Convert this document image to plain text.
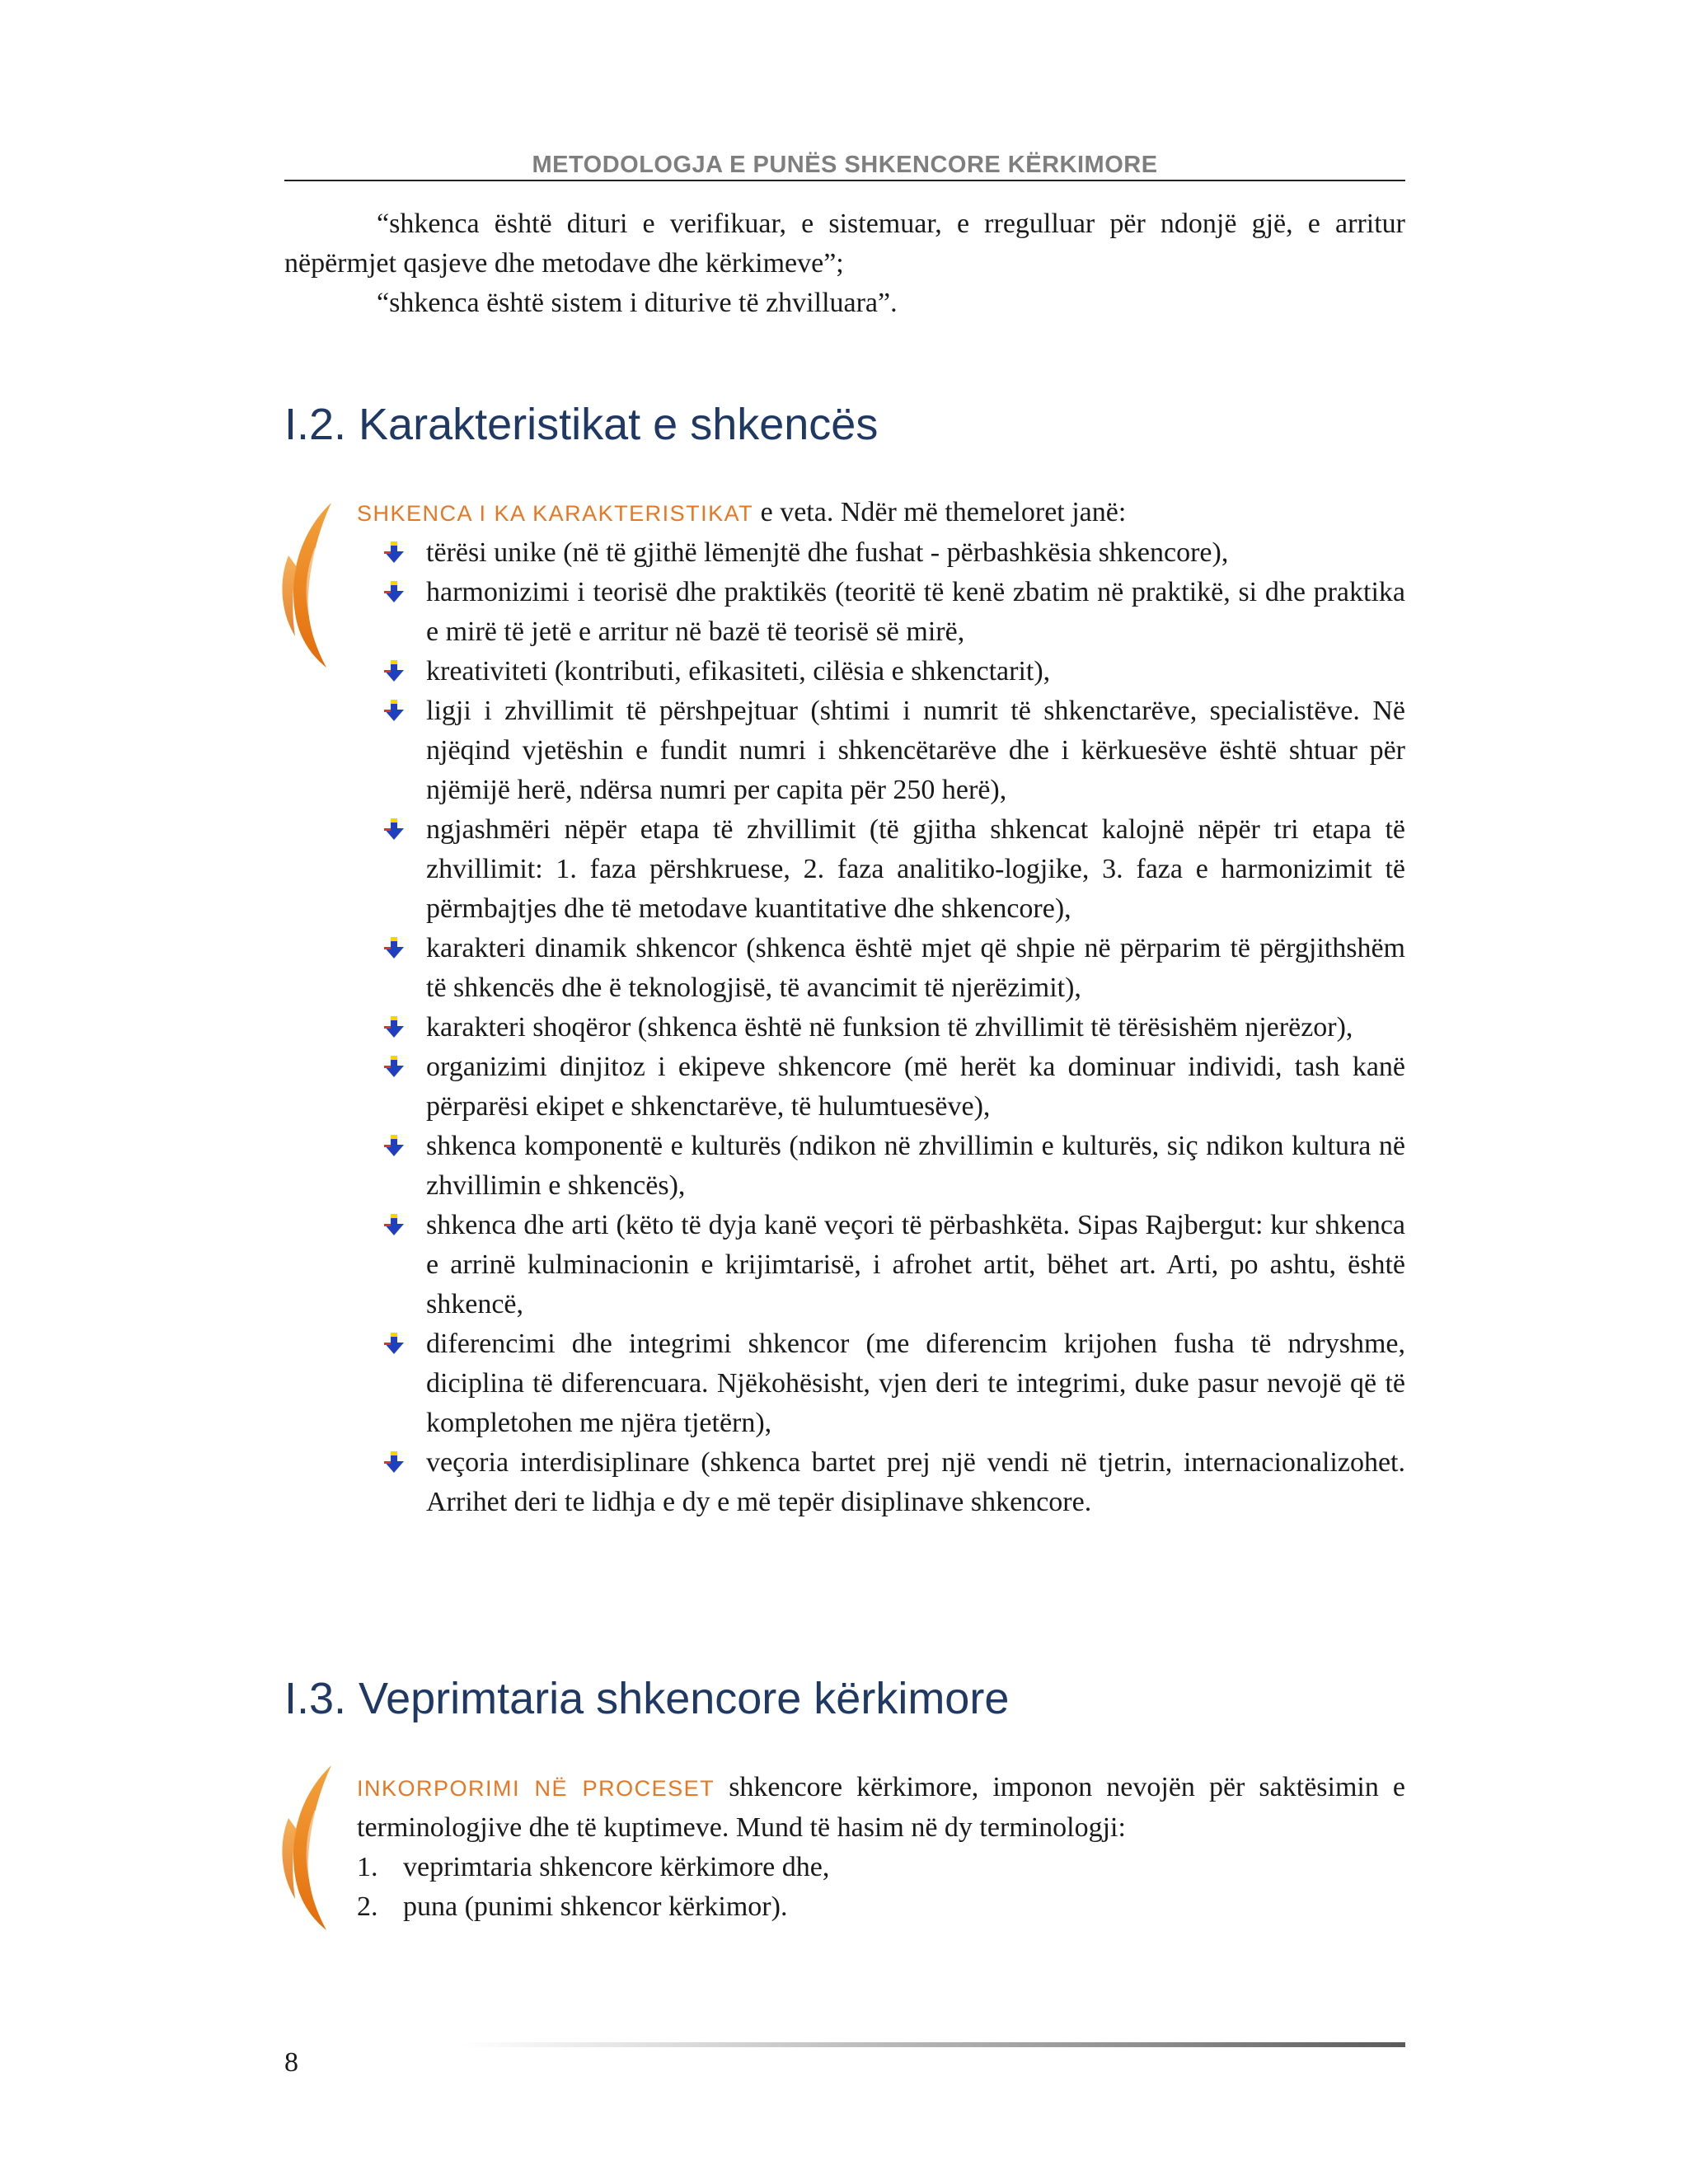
METODOLOGJA E PUNËS SHKENCORE KËRKIMORE

“shkenca është dituri e verifikuar, e sistemuar, e rregulluar për ndonjë gjë, e arritur nëpërmjet qasjeve dhe metodave dhe kërkimeve”;

“shkenca është sistem i diturive të zhvilluara”.

I.2. Karakteristikat e shkencës

SHKENCA I KA KARAKTERISTIKAT e veta. Ndër më themeloret janë:

tërësi unike (në të gjithë lëmenjtë dhe fushat - përbashkësia shkencore),
harmonizimi i teorisë dhe praktikës (teoritë të kenë zbatim në praktikë, si dhe praktika e mirë të jetë e arritur në bazë të teorisë së mirë,
kreativiteti (kontributi, efikasiteti, cilësia e shkenctarit),
ligji i zhvillimit të përshpejtuar (shtimi i numrit të shkenctarëve, specialistëve. Në njëqind vjetëshin e fundit numri i shkencëtarëve dhe i kërkuesëve është shtuar për njëmijë herë, ndërsa numri per capita për 250 herë),
ngjashmëri nëpër etapa të zhvillimit (të gjitha shkencat kalojnë nëpër tri etapa të zhvillimit: 1. faza përshkruese, 2. faza analitiko-logjike, 3. faza e harmonizimit të përmbajtjes dhe të metodave kuantitative dhe shkencore),
karakteri dinamik shkencor (shkenca është mjet që shpie në përparim të përgjithshëm të shkencës dhe ë teknologjisë, të avancimit të njerëzimit),
karakteri shoqëror (shkenca është në funksion të zhvillimit të tërësishëm njerëzor),
organizimi dinjitoz i ekipeve shkencore (më herët ka dominuar individi, tash kanë përparësi ekipet e shkenctarëve, të hulumtuesëve),
shkenca komponentë e kulturës (ndikon në zhvillimin e kulturës, siç ndikon kultura në zhvillimin e shkencës),
shkenca dhe arti (këto të dyja kanë veçori të përbashkëta. Sipas Rajbergut: kur shkenca e arrinë kulminacionin e krijimtarisë, i afrohet artit, bëhet art. Arti, po ashtu, është shkencë,
diferencimi dhe integrimi shkencor (me diferencim krijohen fusha të ndryshme, diciplina të diferencuara. Njëkohësisht, vjen deri te integrimi, duke pasur nevojë që të kompletohen me njëra tjetërn),
veçoria interdisiplinare (shkenca bartet prej një vendi në tjetrin, internacionalizohet. Arrihet deri te lidhja e dy e më tepër disiplinave shkencore.
I.3. Veprimtaria shkencore kërkimore

INKORPORIMI NË PROCESET shkencore kërkimore, imponon nevojën për saktësimin e terminologjive dhe të kuptimeve. Mund të hasim në dy terminologji:

1. veprimtaria shkencore kërkimore dhe,
2. puna (punimi shkencor kërkimor).
8
